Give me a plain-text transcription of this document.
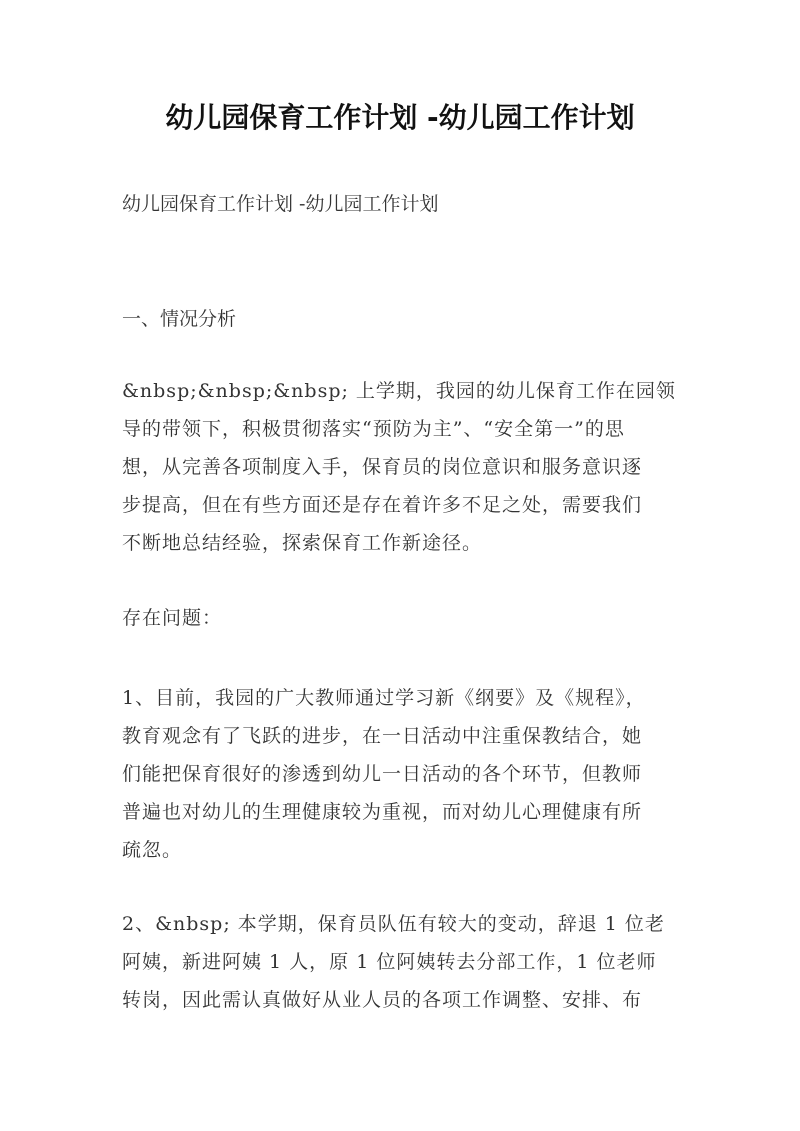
幼儿园保育工作计划 -幼儿园工作计划
幼儿园保育工作计划 -幼儿园工作计划
一、情况分析
&nbsp;&nbsp;&nbsp; 上学期，我园的幼儿保育工作在园领
导的带领下，积极贯彻落实“预防为主”、“安全第一”的思
想，从完善各项制度入手，保育员的岗位意识和服务意识逐
步提高，但在有些方面还是存在着许多不足之处，需要我们
不断地总结经验，探索保育工作新途径。
存在问题：
1、目前，我园的广大教师通过学习新《纲要》及《规程》，
教育观念有了飞跃的进步，在一日活动中注重保教结合，她
们能把保育很好的渗透到幼儿一日活动的各个环节，但教师
普遍也对幼儿的生理健康较为重视，而对幼儿心理健康有所
疏忽。
2、&nbsp; 本学期，保育员队伍有较大的变动，辞退 1 位老
阿姨，新进阿姨 1 人，原 1 位阿姨转去分部工作，1 位老师
转岗，因此需认真做好从业人员的各项工作调整、安排、布
